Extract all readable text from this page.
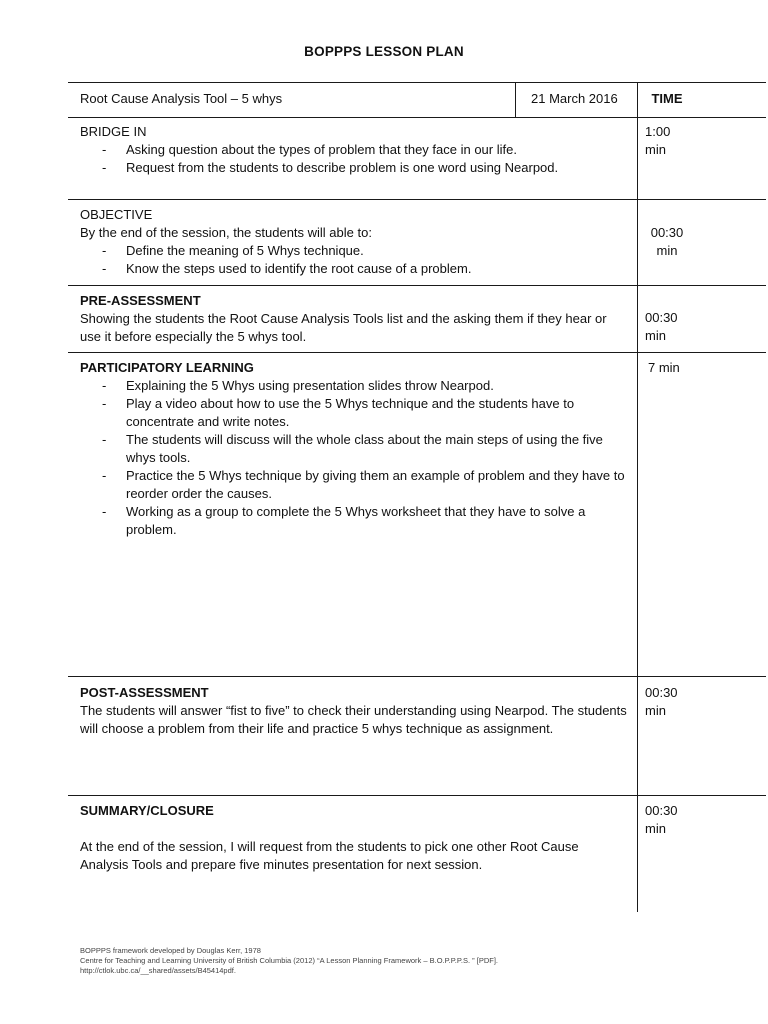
BOPPPS LESSON PLAN
Root Cause Analysis Tool – 5 whys	21 March 2016	TIME
BRIDGE IN
- Asking question about the types of problem that they face in our life.
- Request from the students to describe problem is one word using Nearpod.
1:00
min
OBJECTIVE
By the end of the session, the students will able to:
- Define the meaning of 5 Whys technique.
- Know the steps used to identify the root cause of a problem.
00:30
min
PRE-ASSESSMENT
Showing the students the Root Cause Analysis Tools list and the asking them if they hear or use it before especially the 5 whys tool.
00:30
min
PARTICIPATORY LEARNING
- Explaining the 5 Whys using presentation slides throw Nearpod.
- Play a video about how to use the 5 Whys technique and the students have to concentrate and write notes.
- The students will discuss will the whole class about the main steps of using the five whys tools.
- Practice the 5 Whys technique by giving them an example of problem and they have to reorder order the causes.
- Working as a group to complete the 5 Whys worksheet that they have to solve a problem.
7 min
POST-ASSESSMENT
The students will answer “fist to five” to check their understanding using Nearpod. The students will choose a problem from their life and practice 5 whys technique as assignment.
00:30
min
SUMMARY/CLOSURE
At the end of the session, I will request from the students to pick one other Root Cause Analysis Tools and prepare five minutes presentation for next session.
00:30
min
BOPPPS framework developed by Douglas Kerr, 1978
Centre for Teaching and Learning University of British Columbia (2012) “A Lesson Planning Framework – B.O.P.P.P.S. ” [PDF].
http://ctlok.ubc.ca/__shared/assets/B45414pdf.
